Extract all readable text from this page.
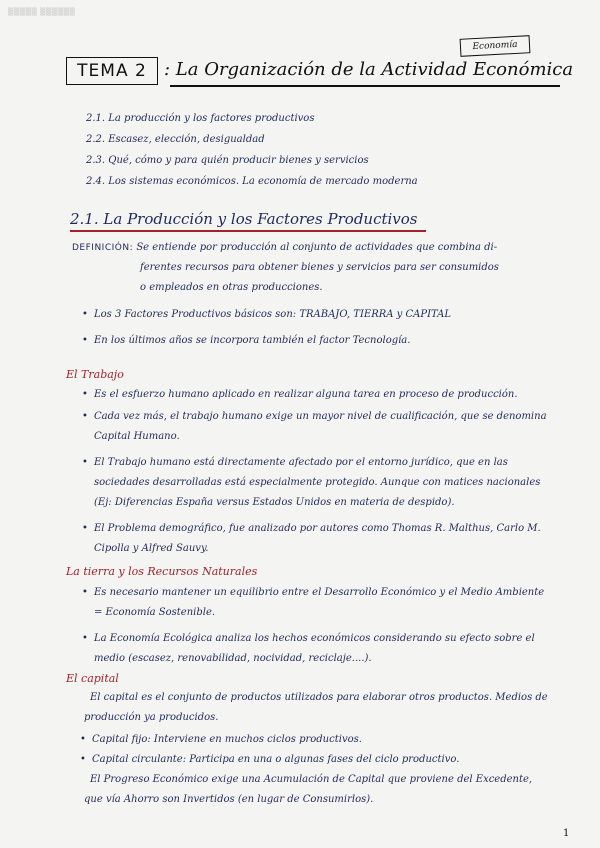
▒▒▒▒▒ ▒▒▒▒▒▒
Economía
TEMA 2 : La Organización de la Actividad Económica
2.1. La producción y los factores productivos
2.2. Escasez, elección, desigualdad
2.3. Qué, cómo y para quién producir bienes y servicios
2.4. Los sistemas económicos. La economía de mercado moderna
2.1. La Producción y los Factores Productivos
DEFINICIÓN: Se entiende por producción al conjunto de actividades que combina di-
ferentes recursos para obtener bienes y servicios para ser consumidos
o empleados en otras producciones.
• Los 3 Factores Productivos básicos son: TRABAJO, TIERRA y CAPITAL
• En los últimos años se incorpora también el factor Tecnología.
El Trabajo
• Es el esfuerzo humano aplicado en realizar alguna tarea en proceso de producción.
• Cada vez más, el trabajo humano exige un mayor nivel de cualificación, que se denomina Capital Humano.
• El Trabajo humano está directamente afectado por el entorno jurídico, que en las sociedades desarrolladas está especialmente protegido. Aunque con matices nacionales (Ej: Diferencias España versus Estados Unidos en materia de despido).
• El Problema demográfico, fue analizado por autores como Thomas R. Malthus, Carlo M. Cipolla y Alfred Sauvy.
La tierra y los Recursos Naturales
• Es necesario mantener un equilibrio entre el Desarrollo Económico y el Medio Ambiente = Economía Sostenible.
• La Economía Ecológica analiza los hechos económicos considerando su efecto sobre el medio (escasez, renovabilidad, nocividad, reciclaje....).
El capital
El capital es el conjunto de productos utilizados para elaborar otros productos. Medios de producción ya producidos.
• Capital fijo: Interviene en muchos ciclos productivos.
• Capital circulante: Participa en una o algunas fases del ciclo productivo.
El Progreso Económico exige una Acumulación de Capital que proviene del Excedente, que vía Ahorro son Invertidos (en lugar de Consumirlos).
1
